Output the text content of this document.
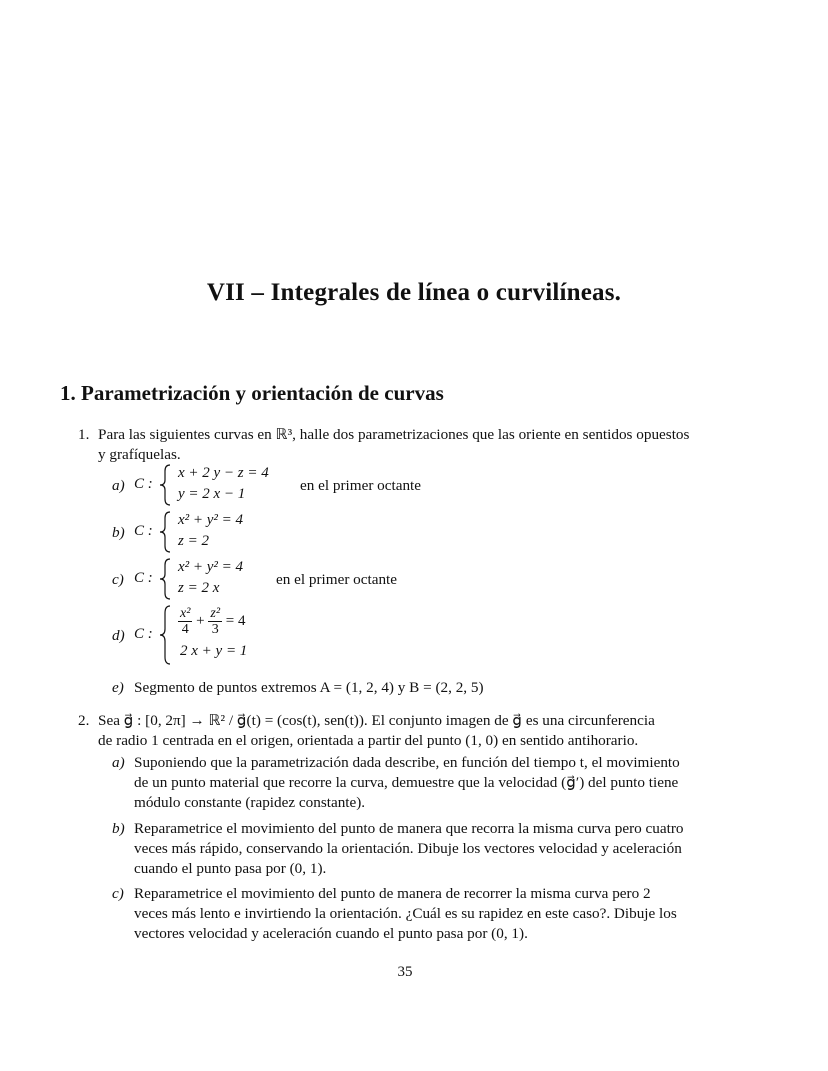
VII – Integrales de línea o curvilíneas.
1. Parametrización y orientación de curvas
1. Para las siguientes curvas en ℝ³, halle dos parametrizaciones que las oriente en sentidos opuestos
y grafíquelas.
a) C :
x + 2 y − z = 4
y = 2 x − 1	en el primer octante
b) C :
x² + y² = 4
z = 2
c) C :
x² + y² = 4
z = 2 x	en el primer octante
d) C : $\frac{\text{x²}}{4} + \frac{\text{z²}}{3} = 4$
2 x + y = 1
e) Segmento de puntos extremos A = (1, 2, 4) y B = (2, 2, 5)
2. Sea g⃗ : [0, 2π] → ℝ² / g⃗(t) = (cos(t), sen(t)). El conjunto imagen de g⃗ es una circunferencia
de radio 1 centrada en el origen, orientada a partir del punto (1, 0) en sentido antihorario.
a) Suponiendo que la parametrización dada describe, en función del tiempo t, el movimiento
de un punto material que recorre la curva, demuestre que la velocidad (g⃗′) del punto tiene
módulo constante (rapidez constante).
b) Reparametrice el movimiento del punto de manera que recorra la misma curva pero cuatro
veces más rápido, conservando la orientación. Dibuje los vectores velocidad y aceleración
cuando el punto pasa por (0, 1).
c) Reparametrice el movimiento del punto de manera de recorrer la misma curva pero 2
veces más lento e invirtiendo la orientación. ¿Cuál es su rapidez en este caso?. Dibuje los
vectores velocidad y aceleración cuando el punto pasa por (0, 1).
35
